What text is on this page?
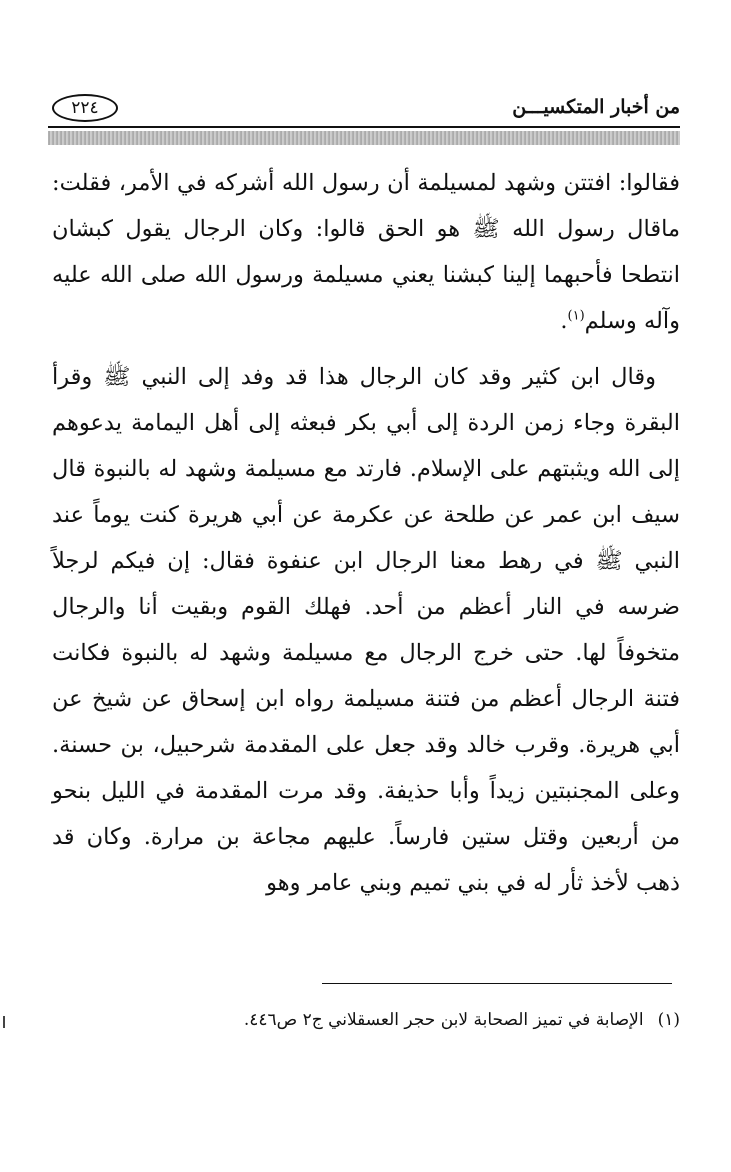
من أخبار المتكسيـــن
٢٢٤

فقالوا: افتتن وشهد لمسيلمة أن رسول الله أشركه في الأمر، فقلت: ماقال رسول الله ﷺ هو الحق قالوا: وكان الرجال يقول كبشان انتطحا فأحبهما إلينا كبشنا يعني مسيلمة ورسول الله صلى الله عليه وآله وسلم$^{(١)}$.

وقال ابن كثير وقد كان الرجال هذا قد وفد إلى النبي ﷺ وقرأ البقرة وجاء زمن الردة إلى أبي بكر فبعثه إلى أهل اليمامة يدعوهم إلى الله ويثبتهم على الإسلام. فارتد مع مسيلمة وشهد له بالنبوة قال سيف ابن عمر عن طلحة عن عكرمة عن أبي هريرة كنت يوماً عند النبي ﷺ في رهط معنا الرجال ابن عنفوة فقال: إن فيكم لرجلاً ضرسه في النار أعظم من أحد. فهلك القوم وبقيت أنا والرجال متخوفاً لها. حتى خرج الرجال مع مسيلمة وشهد له بالنبوة فكانت فتنة الرجال أعظم من فتنة مسيلمة رواه ابن إسحاق عن شيخ عن أبي هريرة. وقرب خالد وقد جعل على المقدمة شرحبيل، بن حسنة. وعلى المجنبتين زيداً وأبا حذيفة. وقد مرت المقدمة في الليل بنحو من أربعين وقتل ستين فارساً. عليهم مجاعة بن مرارة. وكان قد ذهب لأخذ ثأر له في بني تميم وبني عامر وهو

(١)الإصابة في تميز الصحابة لابن حجر العسقلاني ج٢ ص٤٤٦.
